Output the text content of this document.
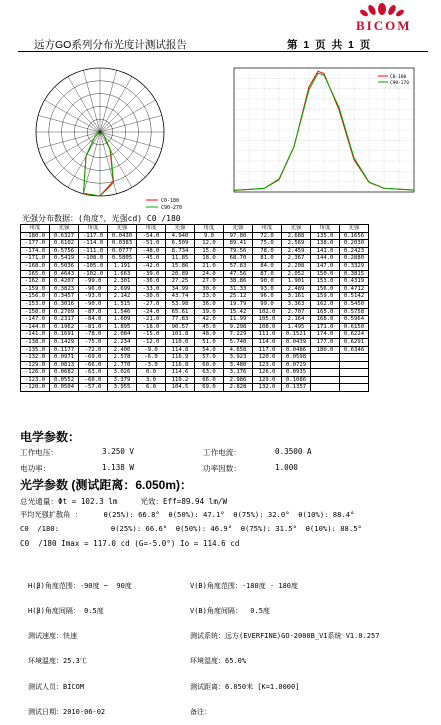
BICOM
远方GO系列分布光度计测试报告	第 1 页 共 1 页
C0-180
C90-270
C0-180
C90-270
光强分布数据：(角度°，光强cd) C0 /180
角度	光强	角度	光强	角度	光强	角度	光强	角度	光强	角度	光强
-180.0	0.6327	-117.0	0.0430	-54.0	4.940	9.0	97.80	72.0	2.688	135.0	0.1656
-177.0	0.6102	-114.0	0.0383	-51.0	6.509	12.0	89.41	75.0	2.569	138.0	0.2030
-174.0	0.5756	-111.0	0.0777	-48.0	8.734	15.0	79.56	78.0	2.459	141.0	0.2423
-171.0	0.5419	-108.0	0.5805	-45.0	11.85	18.0	68.70	81.0	2.367	144.0	0.2880
-168.0	0.5036	-105.0	1.191	-42.0	15.86	21.0	57.83	84.0	2.208	147.0	0.3329
-165.0	0.4643	-102.0	1.663	-39.0	20.89	24.0	47.56	87.0	2.052	150.0	0.3815
-162.0	0.4207	-99.0	2.301	-36.0	27.25	27.0	38.86	90.0	1.901	153.0	0.4319
-159.0	0.3823	-96.0	2.699	-33.0	34.99	30.0	31.33	93.0	2.489	156.0	0.4712
-156.0	0.3457	-93.0	2.142	-30.0	43.74	33.0	25.12	96.0	3.161	159.0	0.5142
-153.0	0.3016	-90.0	1.515	-27.0	53.98	36.0	19.79	99.0	3.363	162.0	0.5450
-150.0	0.2709	-87.0	1.546	-24.0	65.61	39.0	15.42	102.0	2.707	165.0	0.5758
-147.0	0.2317	-84.0	1.609	-21.0	77.83	42.0	11.99	105.0	2.164	168.0	0.5964
-144.0	0.1962	-81.0	1.895	-18.0	90.57	45.0	9.298	108.0	1.495	171.0	0.6150
-141.0	0.1691	-78.0	2.084	-15.0	101.8	48.0	7.229	111.0	0.1521	174.0	0.6224
-138.0	0.1429	-75.0	2.234	-12.0	110.0	51.0	5.740	114.0	0.0439	177.0	0.6291
-135.0	0.1177	-72.0	2.400	-9.0	114.8	54.0	4.658	117.0	0.0486	180.0	0.6346
-132.0	0.0971	-69.0	2.578	-6.0	116.9	57.0	3.923	120.0	0.0598		
-129.0	0.0813	-66.0	2.770	-3.0	116.8	60.0	3.480	123.0	0.0729		
-126.0	0.0682	-63.0	3.026	0.0	114.6	63.0	3.176	126.0	0.0935		
-123.0	0.0552	-60.0	3.379	3.0	110.2	66.0	2.986	129.0	0.1086		
-120.0	0.0504	-57.0	3.955	6.0	104.5	69.0	2.828	132.0	0.1357		
电学参数：
工作电压：	3.250 V	工作电流：	0.3500 A
电功率：	1.138 W	功率因数：	1.000
光学参数 (测试距离：6.050m)：
总光通量：Φt = 102.3 lm     光效：Eff=89.94 lm/W
平均光强扩散角 ：     θ(25%): 66.8°  θ(50%): 47.1°  θ(75%): 32.0°  θ(10%): 88.4°
C0  /180:            θ(25%): 66.6°  θ(50%): 46.9°  θ(75%): 31.5°  θ(10%): 88.5°
C0  /180 Imax = 117.0 cd (G=-5.0°) Io = 114.6 cd

H(β)角度范围：-90度 ~  90度

H(β)角度间隔： 0.5度

测试速度：快速

环境温度：25.3℃

测试人员：BICOM

测试日期：2010-06-02

V(B)角度范围：-180度 - 180度

V(B)角度间隔：  0.5度

测试系统：远方(EVERFINE)GO-2000B_V1系统 V1.0.257

环境湿度：65.0%

测试距离：6.050米 [K=1.0000]

备注：
